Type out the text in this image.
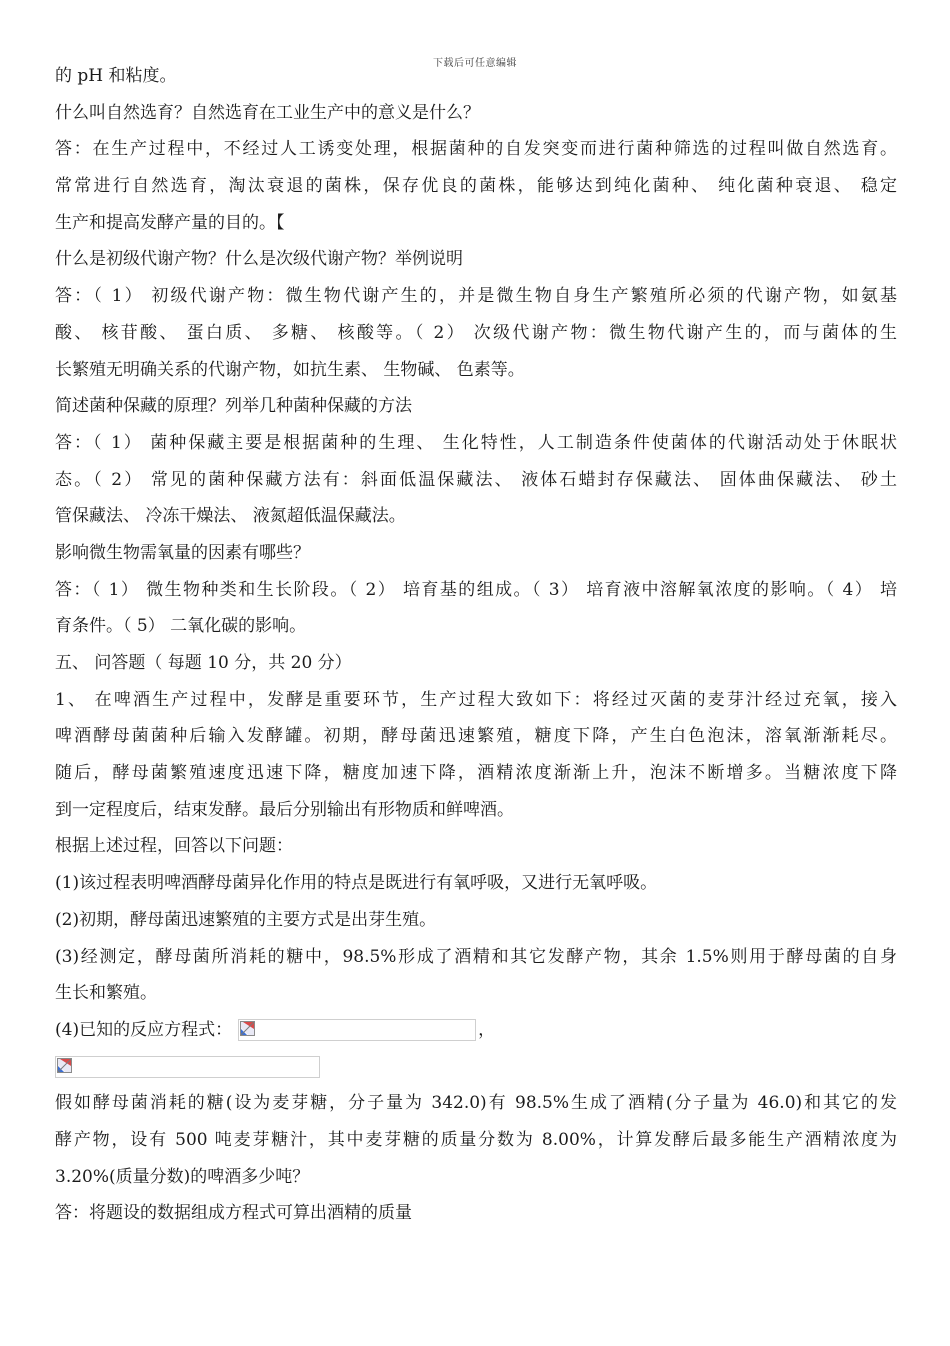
下载后可任意编辑
的 pH 和粘度。
什么叫自然选育？自然选育在工业生产中的意义是什么？
答：在生产过程中，不经过人工诱变处理，根据菌种的自发突变而进行菌种筛选的过程叫做自然选育。
常常进行自然选育，淘汰衰退的菌株，保存优良的菌株，能够达到纯化菌种、 纯化菌种衰退、 稳定
生产和提高发酵产量的目的。【
什么是初级代谢产物？什么是次级代谢产物？举例说明
答：（ 1） 初级代谢产物：微生物代谢产生的，并是微生物自身生产繁殖所必须的代谢产物，如氨基
酸、 核苷酸、 蛋白质、 多糖、 核酸等。（ 2） 次级代谢产物：微生物代谢产生的，而与菌体的生
长繁殖无明确关系的代谢产物，如抗生素、 生物碱、 色素等。
简述菌种保藏的原理？列举几种菌种保藏的方法
答：（ 1） 菌种保藏主要是根据菌种的生理、 生化特性，人工制造条件使菌体的代谢活动处于休眠状
态。（ 2） 常见的菌种保藏方法有：斜面低温保藏法、 液体石蜡封存保藏法、 固体曲保藏法、 砂土
管保藏法、 冷冻干燥法、 液氮超低温保藏法。
影响微生物需氧量的因素有哪些？
答：（ 1） 微生物种类和生长阶段。（ 2） 培育基的组成。（ 3） 培育液中溶解氧浓度的影响。（ 4） 培
育条件。（ 5） 二氧化碳的影响。
五、 问答题（ 每题 10 分，共 20 分）
1、 在啤酒生产过程中，发酵是重要环节，生产过程大致如下：将经过灭菌的麦芽汁经过充氧，接入
啤酒酵母菌菌种后输入发酵罐。初期，酵母菌迅速繁殖，糖度下降，产生白色泡沫，溶氧渐渐耗尽。
随后，酵母菌繁殖速度迅速下降，糖度加速下降，酒精浓度渐渐上升，泡沫不断增多。当糖浓度下降
到一定程度后，结束发酵。最后分别输出有形物质和鲜啤酒。
根据上述过程，回答以下问题：
(1)该过程表明啤酒酵母菌异化作用的特点是既进行有氧呼吸，又进行无氧呼吸。
(2)初期，酵母菌迅速繁殖的主要方式是出芽生殖。
(3)经测定，酵母菌所消耗的糖中，98.5%形成了酒精和其它发酵产物，其余 1.5%则用于酵母菌的自身
生长和繁殖。
(4)已知的反应方程式：	，
假如酵母菌消耗的糖(设为麦芽糖，分子量为 342.0)有 98.5%生成了酒精(分子量为 46.0)和其它的发
酵产物，设有 500 吨麦芽糖汁，其中麦芽糖的质量分数为 8.00%，计算发酵后最多能生产酒精浓度为
3.20%(质量分数)的啤酒多少吨？
答：将题设的数据组成方程式可算出酒精的质量
